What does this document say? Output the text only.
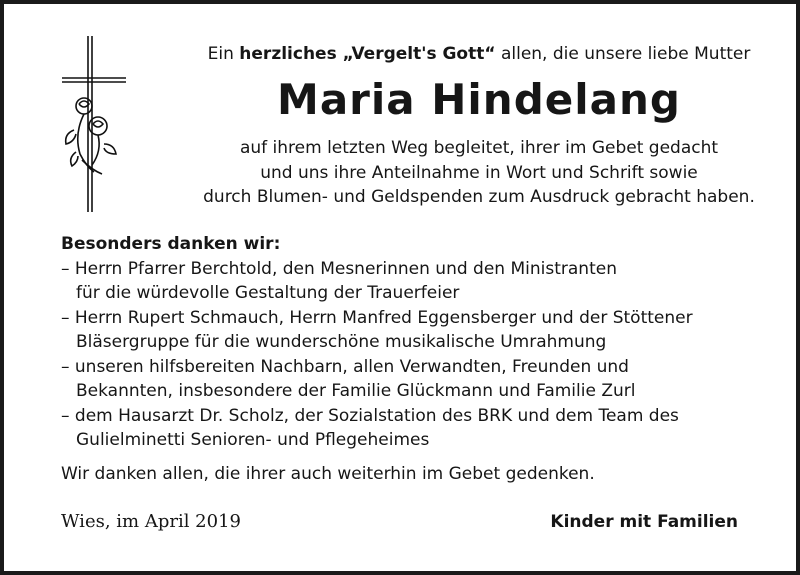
Ein herzliches „Vergelt's Gott“ allen, die unsere liebe Mutter
Maria Hindelang
auf ihrem letzten Weg begleitet, ihrer im Gebet gedacht
und uns ihre Anteilnahme in Wort und Schrift sowie
durch Blumen- und Geldspenden zum Ausdruck gebracht haben.
Besonders danken wir:
– Herrn Pfarrer Berchtold, den Mesnerinnen und den Ministranten
für die würdevolle Gestaltung der Trauerfeier
– Herrn Rupert Schmauch, Herrn Manfred Eggensberger und der Stöttener
Bläsergruppe für die wunderschöne musikalische Umrahmung
– unseren hilfsbereiten Nachbarn, allen Verwandten, Freunden und
Bekannten, insbesondere der Familie Glückmann und Familie Zurl
– dem Hausarzt Dr. Scholz, der Sozialstation des BRK und dem Team des
Gulielminetti Senioren- und Pflegeheimes
Wir danken allen, die ihrer auch weiterhin im Gebet gedenken.
Wies, im April 2019	Kinder mit Familien
